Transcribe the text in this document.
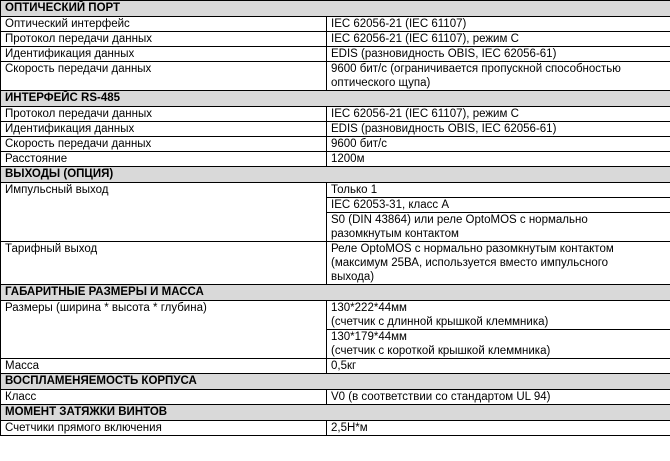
ОПТИЧЕСКИЙ ПОРТ	
Оптический интерфейс	IEC 62056-21 (IEC 61107)

Протокол передачи данных	IEC 62056-21 (IEC 61107), режим С

Идентификация данных	EDIS (разновидность OBIS, IEC 62056-61)

Скорость передачи данных	9600 бит/с (ограничивается пропускной способностью
оптического щупа)

ИНТЕРФЕЙС RS-485	
Протокол передачи данных	IEC 62056-21 (IEC 61107), режим С

Идентификация данных	EDIS (разновидность OBIS, IEC 62056-61)

Скорость передачи данных	9600 бит/с

Расстояние	1200м

ВЫХОДЫ (ОПЦИЯ)	
Импульсный выход	Только 1

	IEC 62053-31, класс А

	S0 (DIN 43864) или реле OptoMOS с нормально
разомкнутым контактом

Тарифный выход	Реле OptoMOS с нормально разомкнутым контактом
(максимум 25ВА, используется вместо импульсного
выхода)

ГАБАРИТНЫЕ РАЗМЕРЫ И МАССА	
Размеры (ширина * высота * глубина)	130*222*44мм
(счетчик с длинной крышкой клеммника)

	130*179*44мм
(счетчик с короткой крышкой клеммника)

Масса	0,5кг

ВОСПЛАМЕНЯЕМОСТЬ КОРПУСА	
Класс	V0 (в соответствии со стандартом UL 94)

МОМЕНТ ЗАТЯЖКИ ВИНТОВ	
Счетчики прямого включения	2,5Н*м
